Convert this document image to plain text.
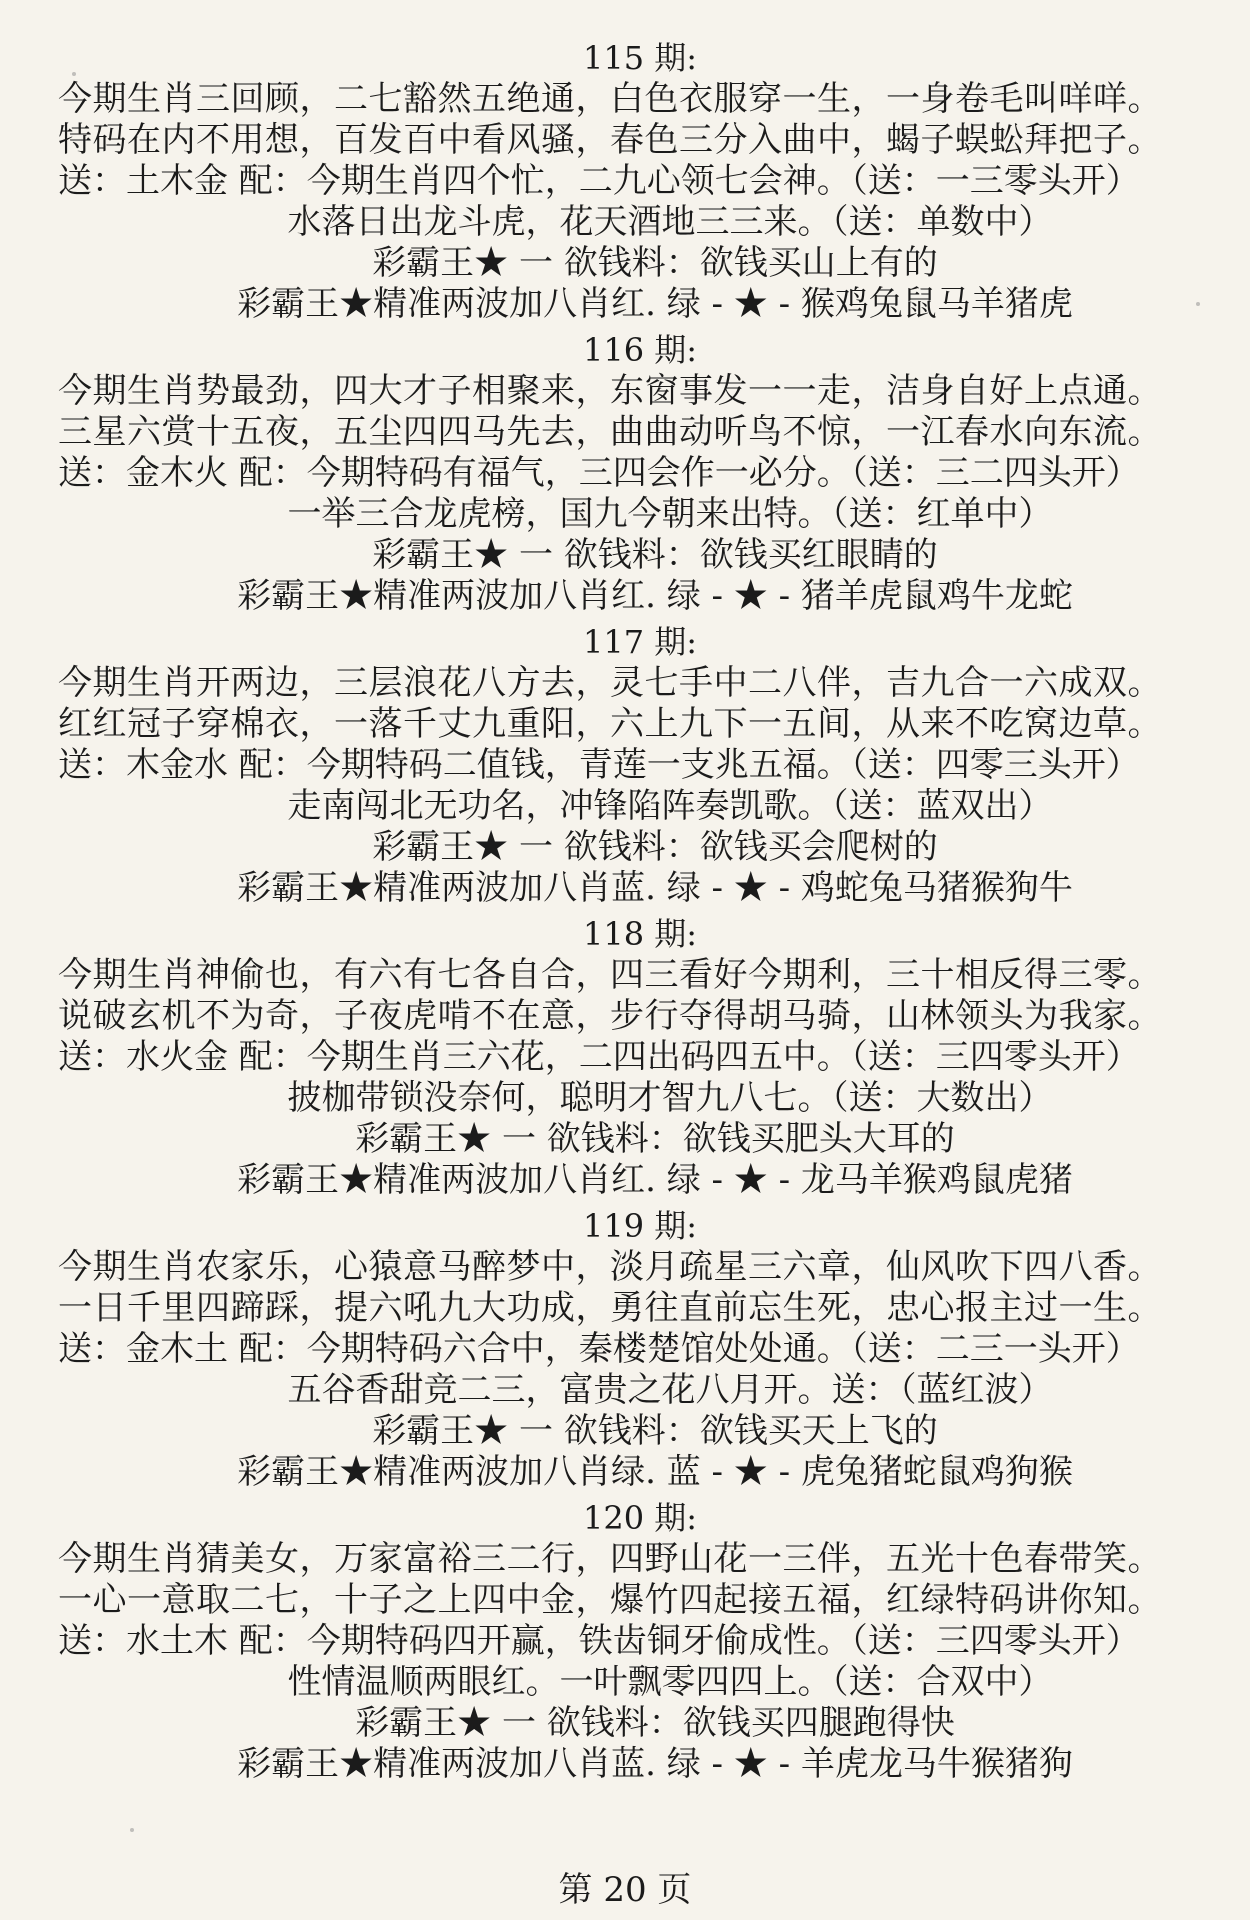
115 期:
今期生肖三回顾，二七豁然五绝通，白色衣服穿一生，一身卷毛叫咩咩。
特码在内不用想，百发百中看风骚，春色三分入曲中，蝎子蜈蚣拜把子。
送：土木金 配：今期生肖四个忙，二九心领七会神。（送：一三零头开）
水落日出龙斗虎，花天酒地三三来。（送：单数中）
彩霸王★ 一 欲钱料：欲钱买山上有的
彩霸王★精准两波加八肖红. 绿 - ★ - 猴鸡兔鼠马羊猪虎
116 期:
今期生肖势最劲，四大才子相聚来，东窗事发一一走，洁身自好上点通。
三星六赏十五夜，五尘四四马先去，曲曲动听鸟不惊，一江春水向东流。
送：金木火 配：今期特码有福气，三四会作一必分。（送：三二四头开）
一举三合龙虎榜，国九今朝来出特。（送：红单中）
彩霸王★ 一 欲钱料：欲钱买红眼睛的
彩霸王★精准两波加八肖红. 绿 - ★ - 猪羊虎鼠鸡牛龙蛇
117 期:
今期生肖开两边，三层浪花八方去，灵七手中二八伴，吉九合一六成双。
红红冠子穿棉衣，一落千丈九重阳，六上九下一五间，从来不吃窝边草。
送：木金水 配：今期特码二值钱，青莲一支兆五福。（送：四零三头开）
走南闯北无功名，冲锋陷阵奏凯歌。（送：蓝双出）
彩霸王★ 一 欲钱料：欲钱买会爬树的
彩霸王★精准两波加八肖蓝. 绿 - ★ - 鸡蛇兔马猪猴狗牛
118 期:
今期生肖神偷也，有六有七各自合，四三看好今期利，三十相反得三零。
说破玄机不为奇，子夜虎啃不在意，步行夺得胡马骑，山林领头为我家。
送：水火金 配：今期生肖三六花，二四出码四五中。（送：三四零头开）
披枷带锁没奈何，聪明才智九八七。（送：大数出）
彩霸王★ 一 欲钱料：欲钱买肥头大耳的
彩霸王★精准两波加八肖红. 绿 - ★ - 龙马羊猴鸡鼠虎猪
119 期:
今期生肖农家乐，心猿意马醉梦中，淡月疏星三六章，仙风吹下四八香。
一日千里四蹄踩，提六吼九大功成，勇往直前忘生死，忠心报主过一生。
送：金木土 配：今期特码六合中，秦楼楚馆处处通。（送：二三一头开）
五谷香甜竞二三，富贵之花八月开。送：（蓝红波）
彩霸王★ 一 欲钱料：欲钱买天上飞的
彩霸王★精准两波加八肖绿. 蓝 - ★ - 虎兔猪蛇鼠鸡狗猴
120 期:
今期生肖猜美女，万家富裕三二行，四野山花一三伴，五光十色春带笑。
一心一意取二七，十子之上四中金，爆竹四起接五福，红绿特码讲你知。
送：水土木 配：今期特码四开赢，铁齿铜牙偷成性。（送：三四零头开）
性情温顺两眼红。一叶飘零四四上。（送：合双中）
彩霸王★ 一 欲钱料：欲钱买四腿跑得快
彩霸王★精准两波加八肖蓝. 绿 - ★ - 羊虎龙马牛猴猪狗
第 20 页
